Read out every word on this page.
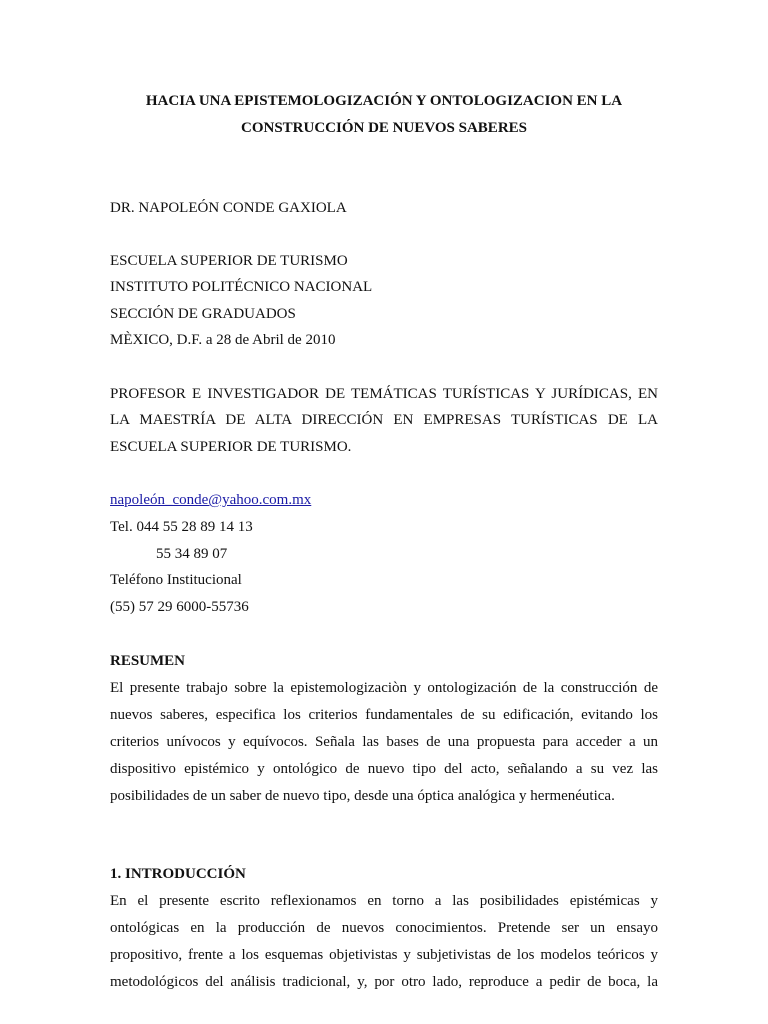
HACIA UNA EPISTEMOLOGIZACIÓN Y ONTOLOGIZACION EN LA
CONSTRUCCIÓN DE NUEVOS SABERES
DR. NAPOLEÓN CONDE GAXIOLA
ESCUELA SUPERIOR DE TURISMO
INSTITUTO POLITÉCNICO NACIONAL
SECCIÓN DE GRADUADOS
MÈXICO, D.F. a 28 de Abril de 2010
PROFESOR E INVESTIGADOR DE TEMÁTICAS TURÍSTICAS Y JURÍDICAS, EN
LA MAESTRÍA DE ALTA DIRECCIÓN EN EMPRESAS TURÍSTICAS DE LA
ESCUELA SUPERIOR DE TURISMO.
napoleón_conde@yahoo.com.mx
Tel. 044 55 28 89 14 13
55 34 89 07
Teléfono Institucional
(55) 57 29 6000-55736
RESUMEN
El presente trabajo sobre la epistemologizaciòn y ontologización de la construcción de
nuevos saberes, especifica los criterios fundamentales de su edificación, evitando los
criterios unívocos y equívocos. Señala las bases de una propuesta para acceder a un
dispositivo epistémico y ontológico de nuevo tipo del acto, señalando a su vez las
posibilidades de un saber de nuevo tipo, desde una óptica analógica y hermenéutica.
1. INTRODUCCIÓN
En el presente escrito reflexionamos en torno a las posibilidades epistémicas y
ontológicas en la producción de nuevos conocimientos. Pretende ser un ensayo
propositivo, frente a los esquemas objetivistas y subjetivistas de los modelos teóricos y
metodológicos del análisis tradicional, y, por otro lado, reproduce a pedir de boca, la
